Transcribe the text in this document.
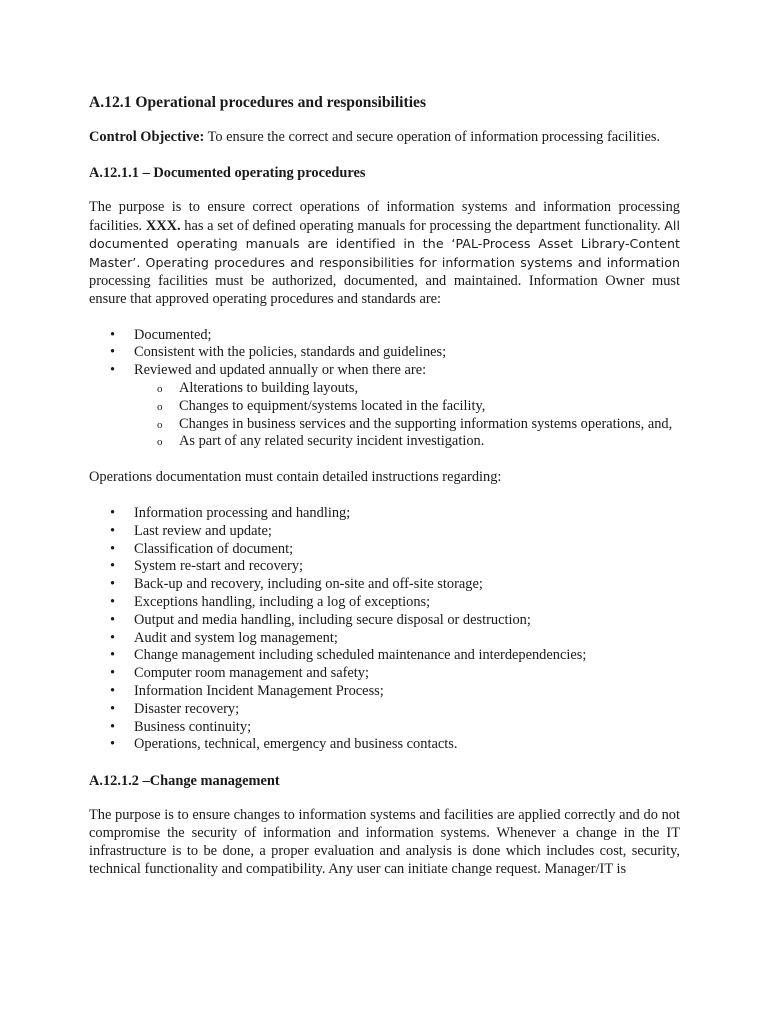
A.12.1 Operational procedures and responsibilities

Control Objective: To ensure the correct and secure operation of information processing facilities.

A.12.1.1 – Documented operating procedures

The purpose is to ensure correct operations of information systems and information processing facilities. XXX. has a set of defined operating manuals for processing the department functionality. All documented operating manuals are identified in the ‘PAL-Process Asset Library-Content Master’. Operating procedures and responsibilities for information systems and information processing facilities must be authorized, documented, and maintained. Information Owner must ensure that approved operating procedures and standards are:

• Documented;
• Consistent with the policies, standards and guidelines;
• Reviewed and updated annually or when there are:
o Alterations to building layouts,
o Changes to equipment/systems located in the facility,
o Changes in business services and the supporting information systems operations, and,
o As part of any related security incident investigation.

Operations documentation must contain detailed instructions regarding:

• Information processing and handling;
• Last review and update;
• Classification of document;
• System re-start and recovery;
• Back-up and recovery, including on-site and off-site storage;
• Exceptions handling, including a log of exceptions;
• Output and media handling, including secure disposal or destruction;
• Audit and system log management;
• Change management including scheduled maintenance and interdependencies;
• Computer room management and safety;
• Information Incident Management Process;
• Disaster recovery;
• Business continuity;
• Operations, technical, emergency and business contacts.
A.12.1.2 –Change management

The purpose is to ensure changes to information systems and facilities are applied correctly and do not compromise the security of information and information systems. Whenever a change in the IT infrastructure is to be done, a proper evaluation and analysis is done which includes cost, security, technical functionality and compatibility. Any user can initiate change request. Manager/IT is
